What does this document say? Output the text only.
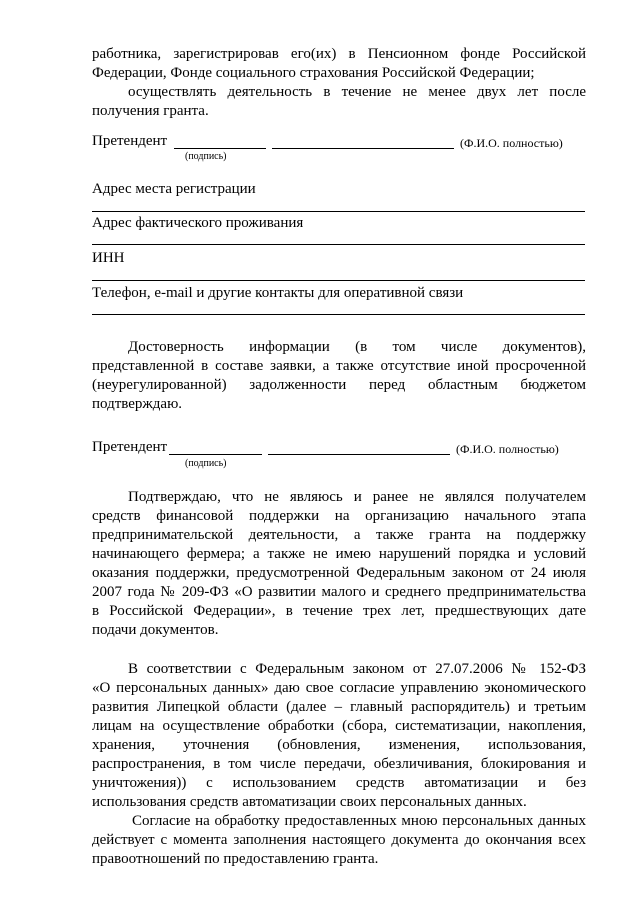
работника, зарегистрировав его(их) в Пенсионном фонде Российской
Федерации, Фонде социального страхования Российской Федерации;
осуществлять деятельность в течение не менее двух лет после
получения гранта.
Претендент	(Ф.И.О. полностью)
(подпись)
Адрес места регистрации
Адрес фактического проживания
ИНН
Телефон, e-mail и другие контакты для оперативной связи
Достоверность информации (в том числе документов),
представленной в составе заявки, а также отсутствие иной просроченной
(неурегулированной) задолженности перед областным бюджетом
подтверждаю.
Претендент	(Ф.И.О. полностью)
(подпись)
Подтверждаю, что не являюсь и ранее не являлся получателем
средств финансовой поддержки на организацию начального этапа
предпринимательской деятельности, а также гранта на поддержку
начинающего фермера; а также не имею нарушений порядка и условий
оказания поддержки, предусмотренной Федеральным законом от 24 июля
2007 года № 209-ФЗ «О развитии малого и среднего предпринимательства
в Российской Федерации», в течение трех лет, предшествующих дате
подачи документов.
В соответствии с Федеральным законом от 27.07.2006 № 152-ФЗ
«О персональных данных» даю свое согласие управлению экономического
развития Липецкой области (далее – главный распорядитель) и третьим
лицам на осуществление обработки (сбора, систематизации, накопления,
хранения, уточнения (обновления, изменения, использования,
распространения, в том числе передачи, обезличивания, блокирования и
уничтожения)) с использованием средств автоматизации и без
использования средств автоматизации своих персональных данных.
Согласие на обработку предоставленных мною персональных данных
действует с момента заполнения настоящего документа до окончания всех
правоотношений по предоставлению гранта.
